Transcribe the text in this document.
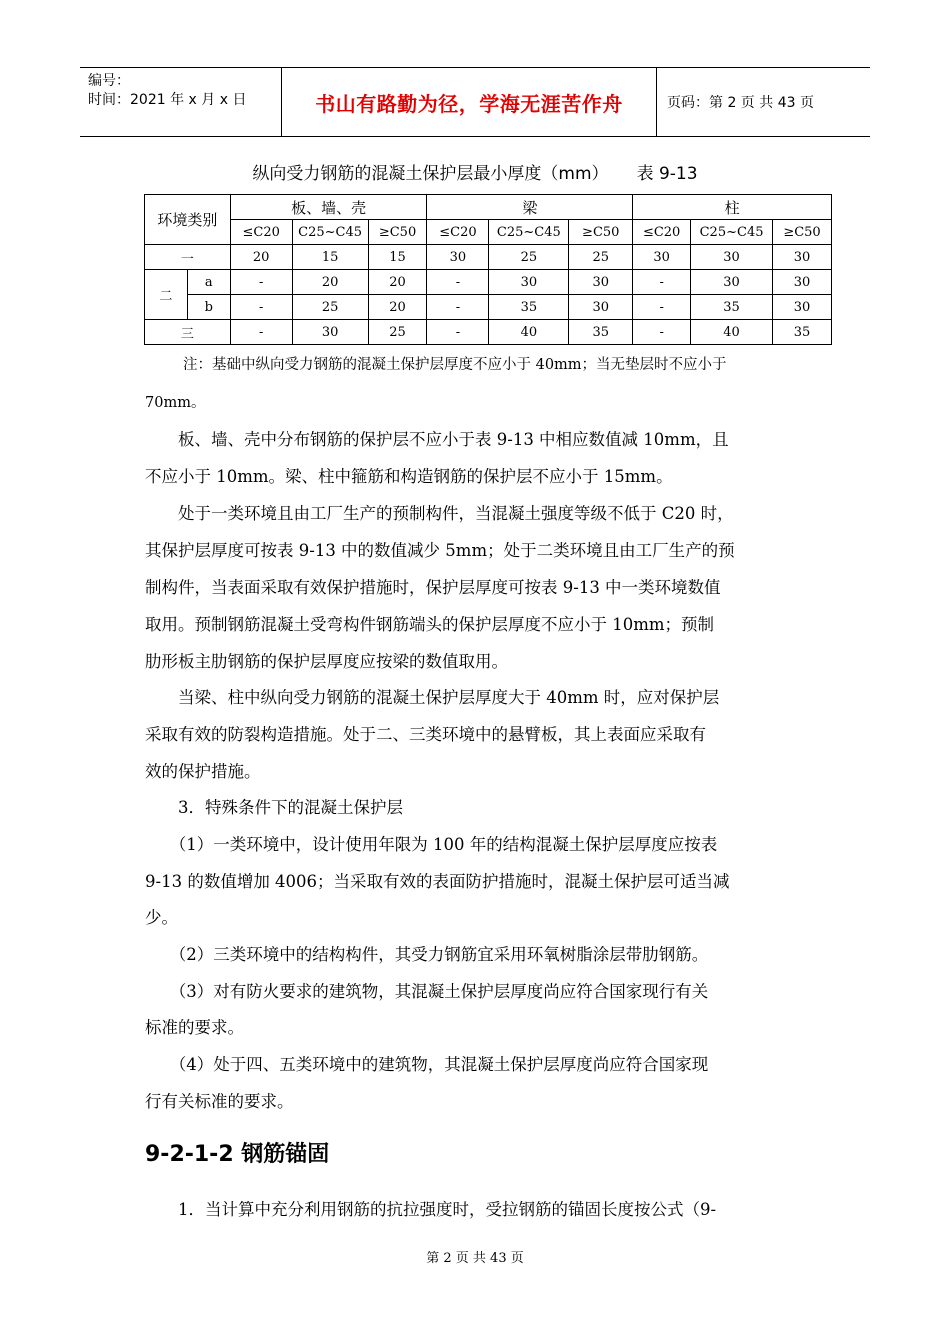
编号：
时间：2021 年 x 月 x 日	书山有路勤为径，学海无涯苦作舟	页码：第 2 页 共 43 页
纵向受力钢筋的混凝土保护层最小厚度（mm） 表 9-13
环境类别		板、墙、壳			梁			柱		
		≤C20	C25~C45	≥C50	≤C20	C25~C45	≥C50	≤C20	C25~C45	≥C50
一		20	15	15	30	25	25	30	30	30
二	a	-	20	20	-	30	30	-	30	30
	b	-	25	20	-	35	30	-	35	30
三		-	30	25	-	40	35	-	40	35
注：基础中纵向受力钢筋的混凝土保护层厚度不应小于 40mm；当无垫层时不应小于
70mm。
　　板、墙、壳中分布钢筋的保护层不应小于表 9-13 中相应数值减 10mm，且
不应小于 10mm。梁、柱中箍筋和构造钢筋的保护层不应小于 15mm。
　　处于一类环境且由工厂生产的预制构件，当混凝土强度等级不低于 C20 时，
其保护层厚度可按表 9-13 中的数值减少 5mm；处于二类环境且由工厂生产的预
制构件，当表面采取有效保护措施时，保护层厚度可按表 9-13 中一类环境数值
取用。预制钢筋混凝土受弯构件钢筋端头的保护层厚度不应小于 10mm；预制
肋形板主肋钢筋的保护层厚度应按梁的数值取用。
　　当梁、柱中纵向受力钢筋的混凝土保护层厚度大于 40mm 时，应对保护层
采取有效的防裂构造措施。处于二、三类环境中的悬臂板，其上表面应采取有
效的保护措施。
　　3．特殊条件下的混凝土保护层
　　（1）一类环境中，设计使用年限为 100 年的结构混凝土保护层厚度应按表
9-13 的数值增加 4006；当采取有效的表面防护措施时，混凝土保护层可适当减
少。
　　（2）三类环境中的结构构件，其受力钢筋宜采用环氧树脂涂层带肋钢筋。
　　（3）对有防火要求的建筑物，其混凝土保护层厚度尚应符合国家现行有关
标准的要求。
　　（4）处于四、五类环境中的建筑物，其混凝土保护层厚度尚应符合国家现
行有关标准的要求。
9-2-1-2 钢筋锚固
　　1．当计算中充分利用钢筋的抗拉强度时，受拉钢筋的锚固长度按公式（9-
第 2 页 共 43 页
